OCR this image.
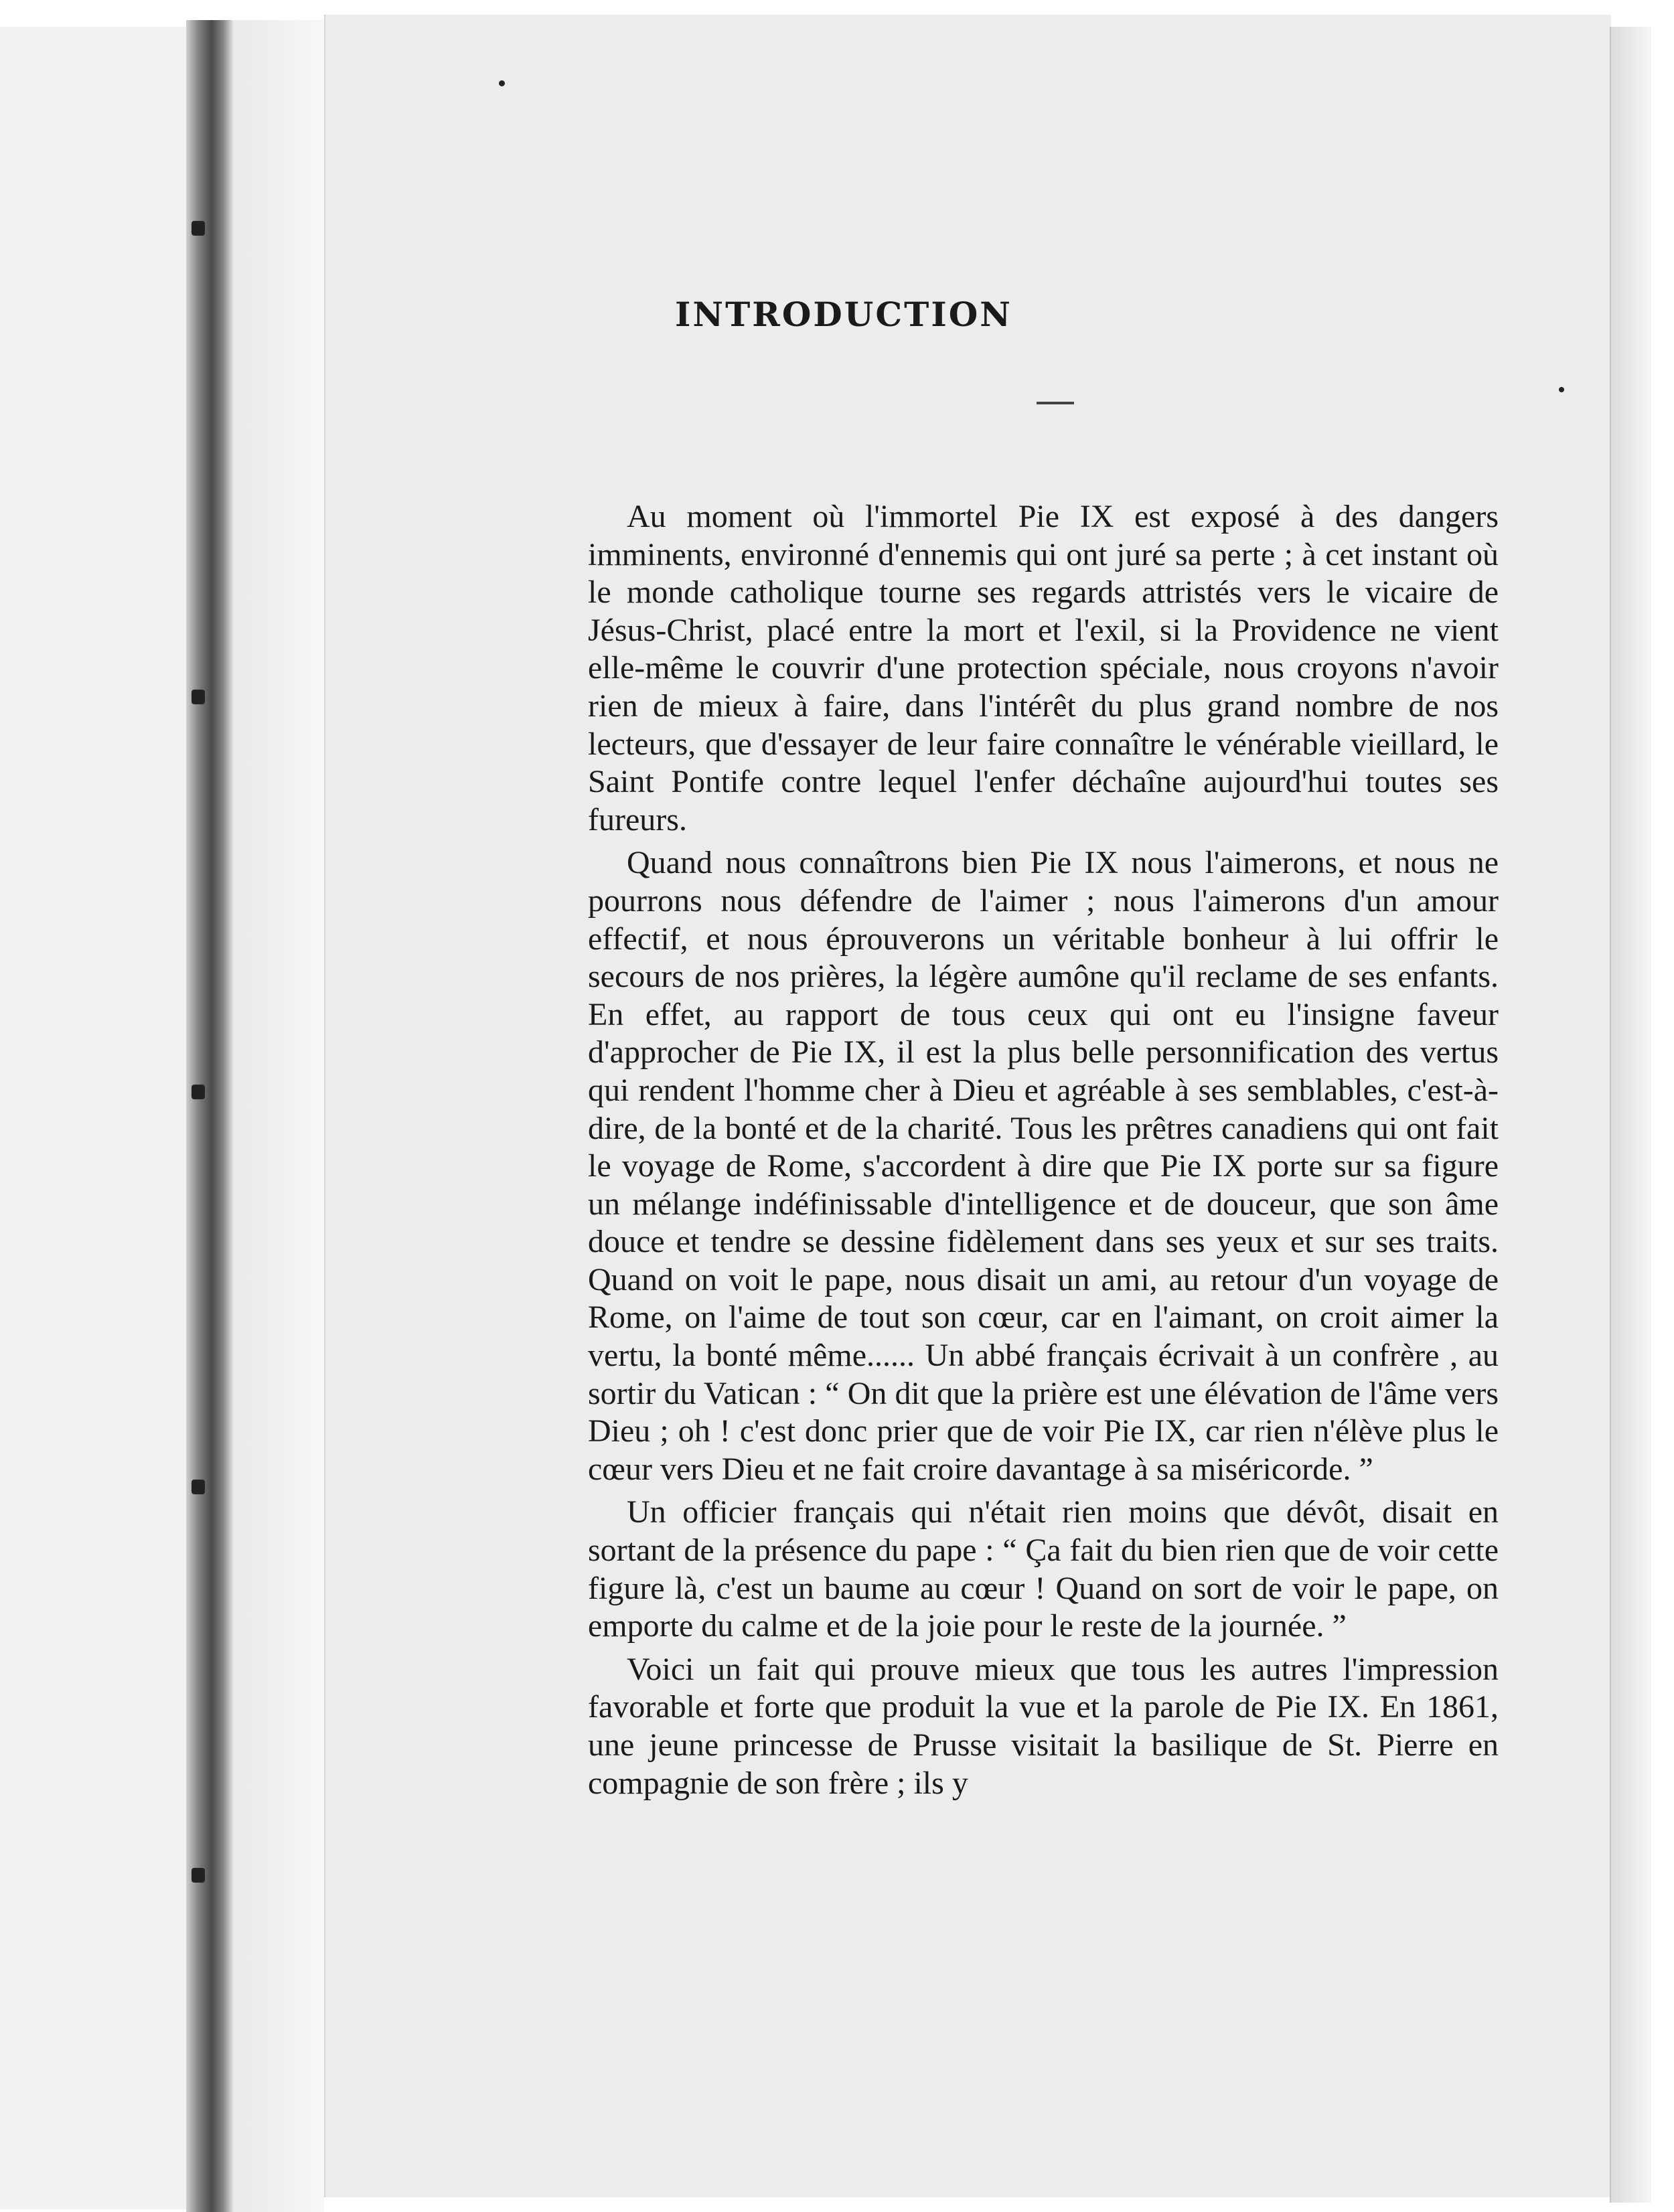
INTRODUCTION

Au moment où l'immortel Pie IX est exposé à des dangers imminents, environné d'ennemis qui ont juré sa perte ; à cet instant où le monde catholique tourne ses regards attristés vers le vicaire de Jésus-Christ, placé entre la mort et l'exil, si la Providence ne vient elle-même le couvrir d'une protection spéciale, nous croyons n'avoir rien de mieux à faire, dans l'intérêt du plus grand nombre de nos lecteurs, que d'essayer de leur faire connaître le vénérable vieillard, le Saint Pontife contre lequel l'enfer déchaîne aujourd'hui toutes ses fureurs.

Quand nous connaîtrons bien Pie IX nous l'aimerons, et nous ne pourrons nous défendre de l'aimer ; nous l'aimerons d'un amour effectif, et nous éprouverons un véritable bonheur à lui offrir le secours de nos prières, la légère aumône qu'il reclame de ses enfants. En effet, au rapport de tous ceux qui ont eu l'insigne faveur d'approcher de Pie IX, il est la plus belle personnification des vertus qui rendent l'homme cher à Dieu et agréable à ses semblables, c'est-à-dire, de la bonté et de la charité. Tous les prêtres canadiens qui ont fait le voyage de Rome, s'accordent à dire que Pie IX porte sur sa figure un mélange indéfinissable d'intelligence et de douceur, que son âme douce et tendre se dessine fidèlement dans ses yeux et sur ses traits. Quand on voit le pape, nous disait un ami, au retour d'un voyage de Rome, on l'aime de tout son cœur, car en l'aimant, on croit aimer la vertu, la bonté même...... Un abbé français écrivait à un confrère , au sortir du Vatican : “ On dit que la prière est une élévation de l'âme vers Dieu ; oh ! c'est donc prier que de voir Pie IX, car rien n'élève plus le cœur vers Dieu et ne fait croire davantage à sa miséricorde. ”

Un officier français qui n'était rien moins que dévôt, disait en sortant de la présence du pape : “ Ça fait du bien rien que de voir cette figure là, c'est un baume au cœur ! Quand on sort de voir le pape, on emporte du calme et de la joie pour le reste de la journée. ”

Voici un fait qui prouve mieux que tous les autres l'impression favorable et forte que produit la vue et la parole de Pie IX. En 1861, une jeune princesse de Prusse visitait la basilique de St. Pierre en compagnie de son frère ; ils y
